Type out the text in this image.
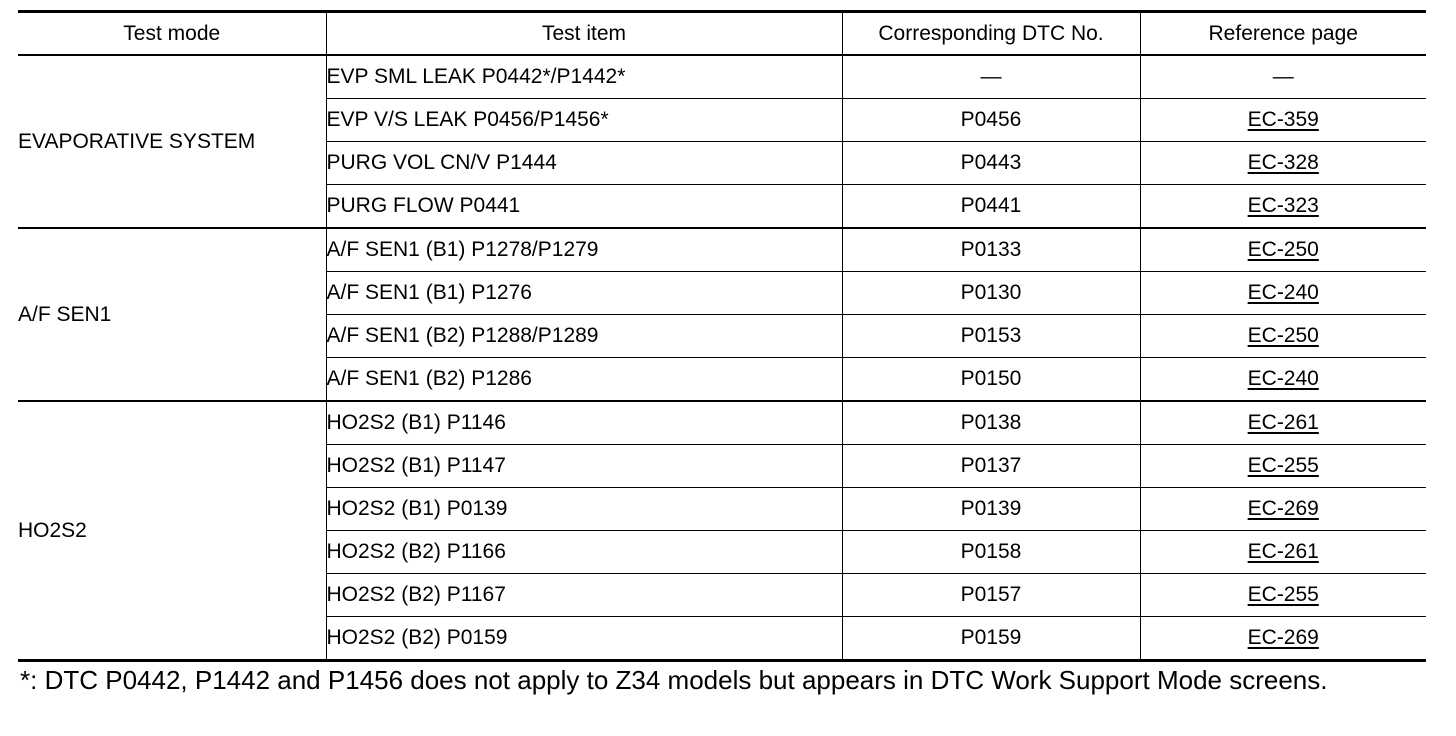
Test mode	Test item	Corresponding DTC No.	Reference page
EVAPORATIVE SYSTEM	EVP SML LEAK P0442*/P1442*	—	—
	EVP V/S LEAK P0456/P1456*	P0456	EC-359
	PURG VOL CN/V P1444	P0443	EC-328
	PURG FLOW P0441	P0441	EC-323
A/F SEN1	A/F SEN1 (B1) P1278/P1279	P0133	EC-250
	A/F SEN1 (B1) P1276	P0130	EC-240
	A/F SEN1 (B2) P1288/P1289	P0153	EC-250
	A/F SEN1 (B2) P1286	P0150	EC-240
HO2S2	HO2S2 (B1) P1146	P0138	EC-261
	HO2S2 (B1) P1147	P0137	EC-255
	HO2S2 (B1) P0139	P0139	EC-269
	HO2S2 (B2) P1166	P0158	EC-261
	HO2S2 (B2) P1167	P0157	EC-255
	HO2S2 (B2) P0159	P0159	EC-269
*: DTC P0442, P1442 and P1456 does not apply to Z34 models but appears in DTC Work Support Mode screens.
